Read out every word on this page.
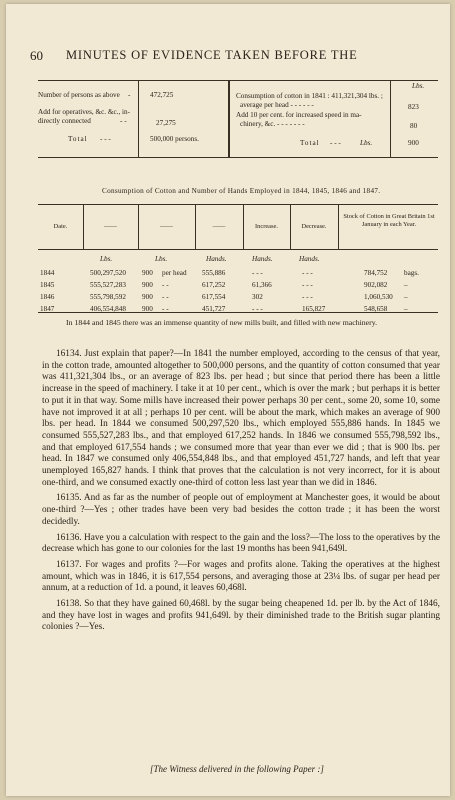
60 MINUTES OF EVIDENCE TAKEN BEFORE THE
Number of persons as above -	472,725
Add for operatives, &c. &c., in-
directly connected	- -	27,275
Total - - -	500,000 persons.
Lbs.
Consumption of cotton in 1841 : 411,321,304 lbs. ;
average per head - - - - - -	823
Add 10 per cent. for increased speed in ma-
chinery, &c. - - - - - - -	80
Total - - -	Lbs.	900
Consumption of Cotton and Number of Hands Employed in 1844, 1845, 1846 and 1847.
Date.	——	——	——	Increase.	Decrease.
Stock of Cotton in Great Britain 1st January in each Year.
Lbs.	Lbs.	Hands.	Hands.	Hands.
1844	500,297,520 900 per head 555,886	- - -	- - -	784,752 bags.
1845	555,527,283 900 - -	617,252	61,366	- - -	902,082 –
1846	555,798,592 900 - -	617,554	302	- - -	1,060,530 –
1847	406,554,848 900 - -	451,727	- - -	165,827	548,658 –
In 1844 and 1845 there was an immense quantity of new mills built, and filled with new machinery.

16134. Just explain that paper?—In 1841 the number employed, according to the census of that year, in the cotton trade, amounted altogether to 500,000 persons, and the quantity of cotton consumed that year was 411,321,304 lbs., or an average of 823 lbs. per head ; but since that period there has been a little increase in the speed of machinery. I take it at 10 per cent., which is over the mark ; but perhaps it is better to put it in that way. Some mills have increased their power perhaps 30 per cent., some 20, some 10, some have not improved it at all ; perhaps 10 per cent. will be about the mark, which makes an average of 900 lbs. per head. In 1844 we consumed 500,297,520 lbs., which employed 555,886 hands. In 1845 we consumed 555,527,283 lbs., and that employed 617,252 hands. In 1846 we consumed 555,798,592 lbs., and that employed 617,554 hands ; we consumed more that year than ever we did ; that is 900 lbs. per head. In 1847 we consumed only 406,554,848 lbs., and that employed 451,727 hands, and left that year unemployed 165,827 hands. I think that proves that the calculation is not very incorrect, for it is about one-third, and we consumed exactly one-third of cotton less last year than we did in 1846.

16135. And as far as the number of people out of employment at Manchester goes, it would be about one-third ?—Yes ; other trades have been very bad besides the cotton trade ; it has been the worst decidedly.

16136. Have you a calculation with respect to the gain and the loss?—The loss to the operatives by the decrease which has gone to our colonies for the last 19 months has been 941,649l.

16137. For wages and profits ?—For wages and profits alone. Taking the operatives at the highest amount, which was in 1846, it is 617,554 persons, and averaging those at 23¼ lbs. of sugar per head per annum, at a reduction of 1d. a pound, it leaves 60,468l.

16138. So that they have gained 60,468l. by the sugar being cheapened 1d. per lb. by the Act of 1846, and they have lost in wages and profits 941,649l. by their diminished trade to the British sugar planting colonies ?—Yes.

[The Witness delivered in the following Paper :]
